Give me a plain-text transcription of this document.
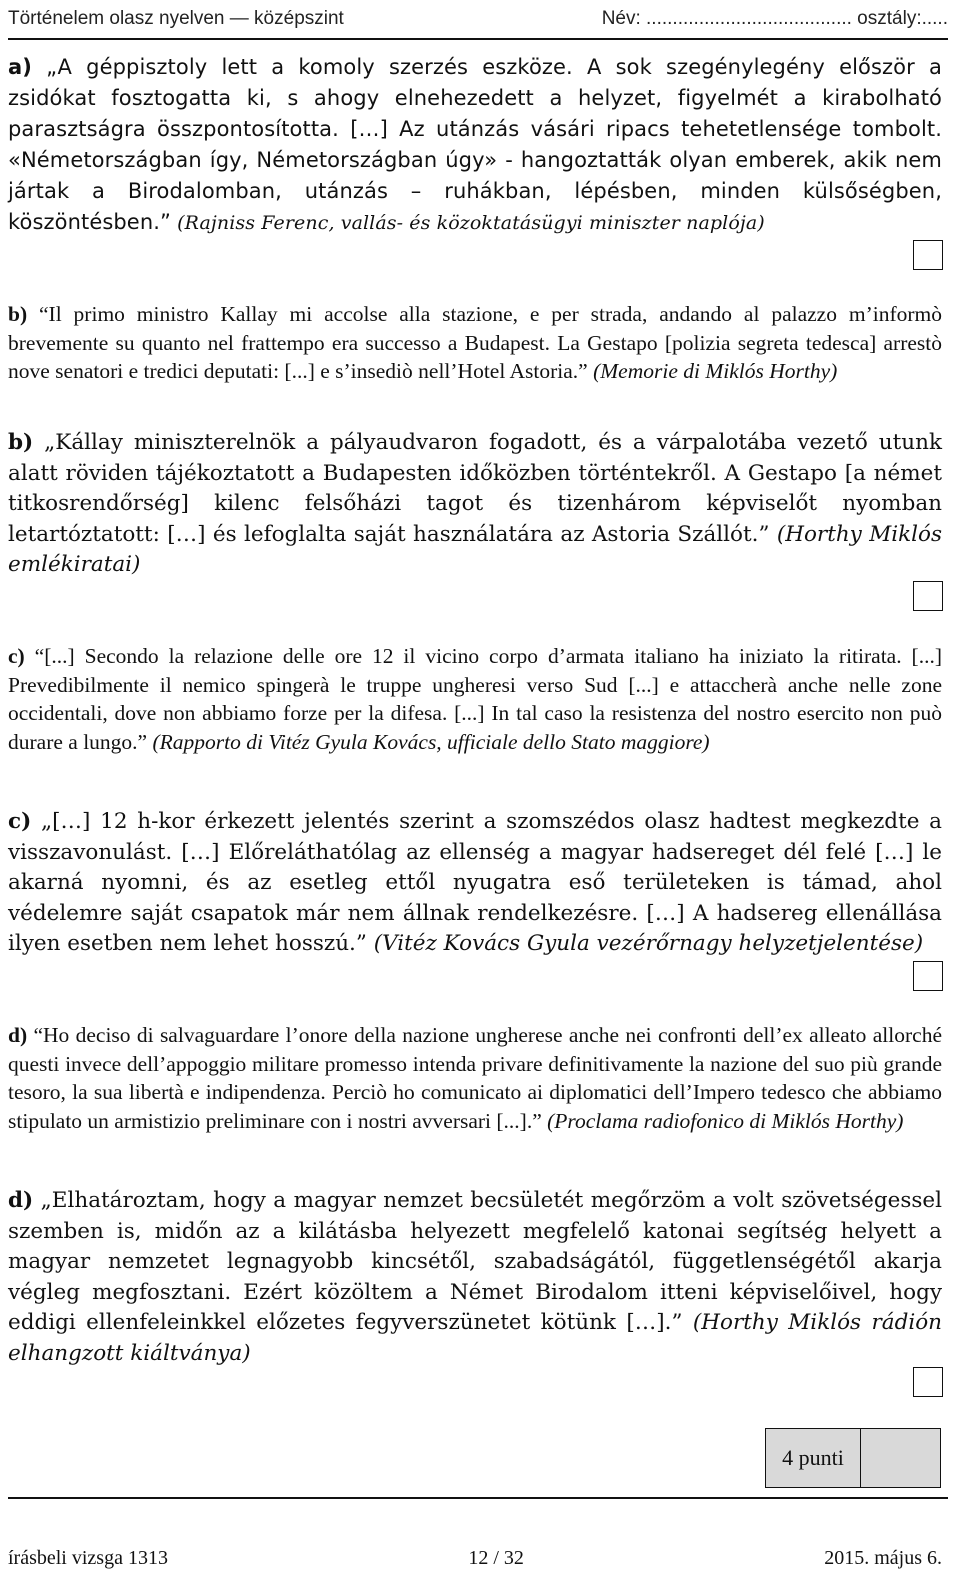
Történelem olasz nyelven — középszint	Név: ....................................... osztály:.....
a) „A géppisztoly lett a komoly szerzés eszköze. A sok szegénylegény először a zsidókat fosztogatta ki, s ahogy elnehezedett a helyzet, figyelmét a kirabolható parasztságra összpontosította. […] Az utánzás vásári ripacs tehetetlensége tombolt. «Németországban így, Németországban úgy» - hangoztatták olyan emberek, akik nem jártak a Birodalomban, utánzás – ruhákban, lépésben, minden külsőségben, köszöntésben.” (Rajniss Ferenc, vallás- és közoktatásügyi miniszter naplója)
b) “Il primo ministro Kallay mi accolse alla stazione, e per strada, andando al palazzo m’informò brevemente su quanto nel frattempo era successo a Budapest. La Gestapo [polizia segreta tedesca] arrestò nove senatori e tredici deputati: [...] e s’insediò nell’Hotel Astoria.” (Memorie di Miklós Horthy)
b) „Kállay miniszterelnök a pályaudvaron fogadott, és a várpalotába vezető utunk alatt röviden tájékoztatott a Budapesten időközben történtekről. A Gestapo [a német titkosrendőrség] kilenc felsőházi tagot és tizenhárom képviselőt nyomban letartóztatott: […] és lefoglalta saját használatára az Astoria Szállót.” (Horthy Miklós emlékiratai)
c) “[...] Secondo la relazione delle ore 12 il vicino corpo d’armata italiano ha iniziato la ritirata. [...] Prevedibilmente il nemico spingerà le truppe ungheresi verso Sud [...] e attaccherà anche nelle zone occidentali, dove non abbiamo forze per la difesa. [...] In tal caso la resistenza del nostro esercito non può durare a lungo.” (Rapporto di Vitéz Gyula Kovács, ufficiale dello Stato maggiore)
c) „[…] 12 h-kor érkezett jelentés szerint a szomszédos olasz hadtest megkezdte a visszavonulást. […] Előreláthatólag az ellenség a magyar hadsereget dél felé […] le akarná nyomni, és az esetleg ettől nyugatra eső területeken is támad, ahol védelemre saját csapatok már nem állnak rendelkezésre. […] A hadsereg ellenállása ilyen esetben nem lehet hosszú.” (Vitéz Kovács Gyula vezérőrnagy helyzetjelentése)
d) “Ho deciso di salvaguardare l’onore della nazione ungherese anche nei confronti dell’ex alleato allorché questi invece dell’appoggio militare promesso intenda privare definitivamente la nazione del suo più grande tesoro, la sua libertà e indipendenza. Perciò ho comunicato ai diplomatici dell’Impero tedesco che abbiamo stipulato un armistizio preliminare con i nostri avversari [...].” (Proclama radiofonico di Miklós Horthy)
d) „Elhatároztam, hogy a magyar nemzet becsületét megőrzöm a volt szövetségessel szemben is, midőn az a kilátásba helyezett megfelelő katonai segítség helyett a magyar nemzetet legnagyobb kincsétől, szabadságától, függetlenségétől akarja végleg megfosztani. Ezért közöltem a Német Birodalom itteni képviselőivel, hogy eddigi ellenfeleinkkel előzetes fegyverszünetet kötünk […].” (Horthy Miklós rádión elhangzott kiáltványa)
4 punti
írásbeli vizsga 1313	12 / 32	2015. május 6.
